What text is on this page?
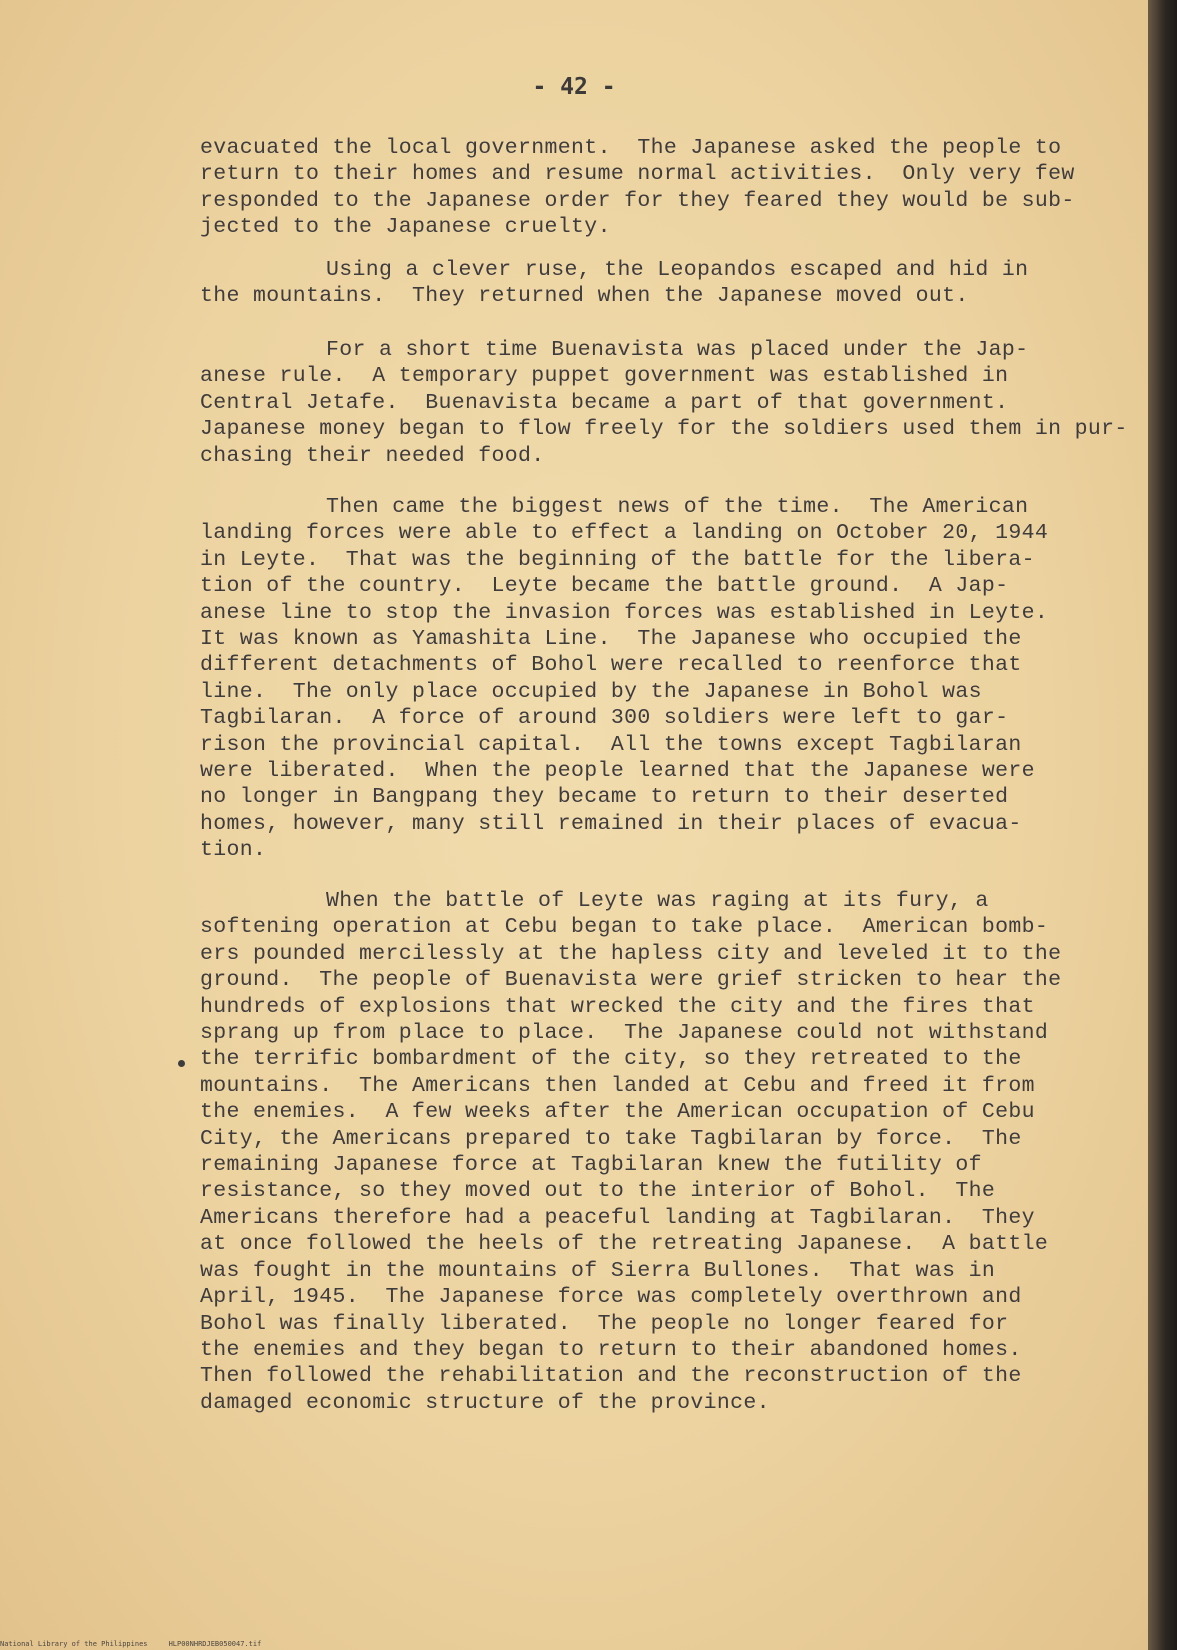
- 42 -

evacuated the local government.  The Japanese asked the people to
return to their homes and resume normal activities.  Only very few
responded to the Japanese order for they feared they would be sub-
jected to the Japanese cruelty.

Using a clever ruse, the Leopandos escaped and hid in
the mountains.  They returned when the Japanese moved out.

For a short time Buenavista was placed under the Jap-
anese rule.  A temporary puppet government was established in
Central Jetafe.  Buenavista became a part of that government.
Japanese money began to flow freely for the soldiers used them in pur-
chasing their needed food.

Then came the biggest news of the time.  The American
landing forces were able to effect a landing on October 20, 1944
in Leyte.  That was the beginning of the battle for the libera-
tion of the country.  Leyte became the battle ground.  A Jap-
anese line to stop the invasion forces was established in Leyte.
It was known as Yamashita Line.  The Japanese who occupied the
different detachments of Bohol were recalled to reenforce that
line.  The only place occupied by the Japanese in Bohol was
Tagbilaran.  A force of around 300 soldiers were left to gar-
rison the provincial capital.  All the towns except Tagbilaran
were liberated.  When the people learned that the Japanese were
no longer in Bangpang they became to return to their deserted
homes, however, many still remained in their places of evacua-
tion.

When the battle of Leyte was raging at its fury, a
softening operation at Cebu began to take place.  American bomb-
ers pounded mercilessly at the hapless city and leveled it to the
ground.  The people of Buenavista were grief stricken to hear the
hundreds of explosions that wrecked the city and the fires that
sprang up from place to place.  The Japanese could not withstand
the terrific bombardment of the city, so they retreated to the
mountains.  The Americans then landed at Cebu and freed it from
the enemies.  A few weeks after the American occupation of Cebu
City, the Americans prepared to take Tagbilaran by force.  The
remaining Japanese force at Tagbilaran knew the futility of
resistance, so they moved out to the interior of Bohol.  The
Americans therefore had a peaceful landing at Tagbilaran.  They
at once followed the heels of the retreating Japanese.  A battle
was fought in the mountains of Sierra Bullones.  That was in
April, 1945.  The Japanese force was completely overthrown and
Bohol was finally liberated.  The people no longer feared for
the enemies and they began to return to their abandoned homes.
Then followed the rehabilitation and the reconstruction of the
damaged economic structure of the province.

National Library of the Philippines     HLP00NHRDJEB050047.tif
